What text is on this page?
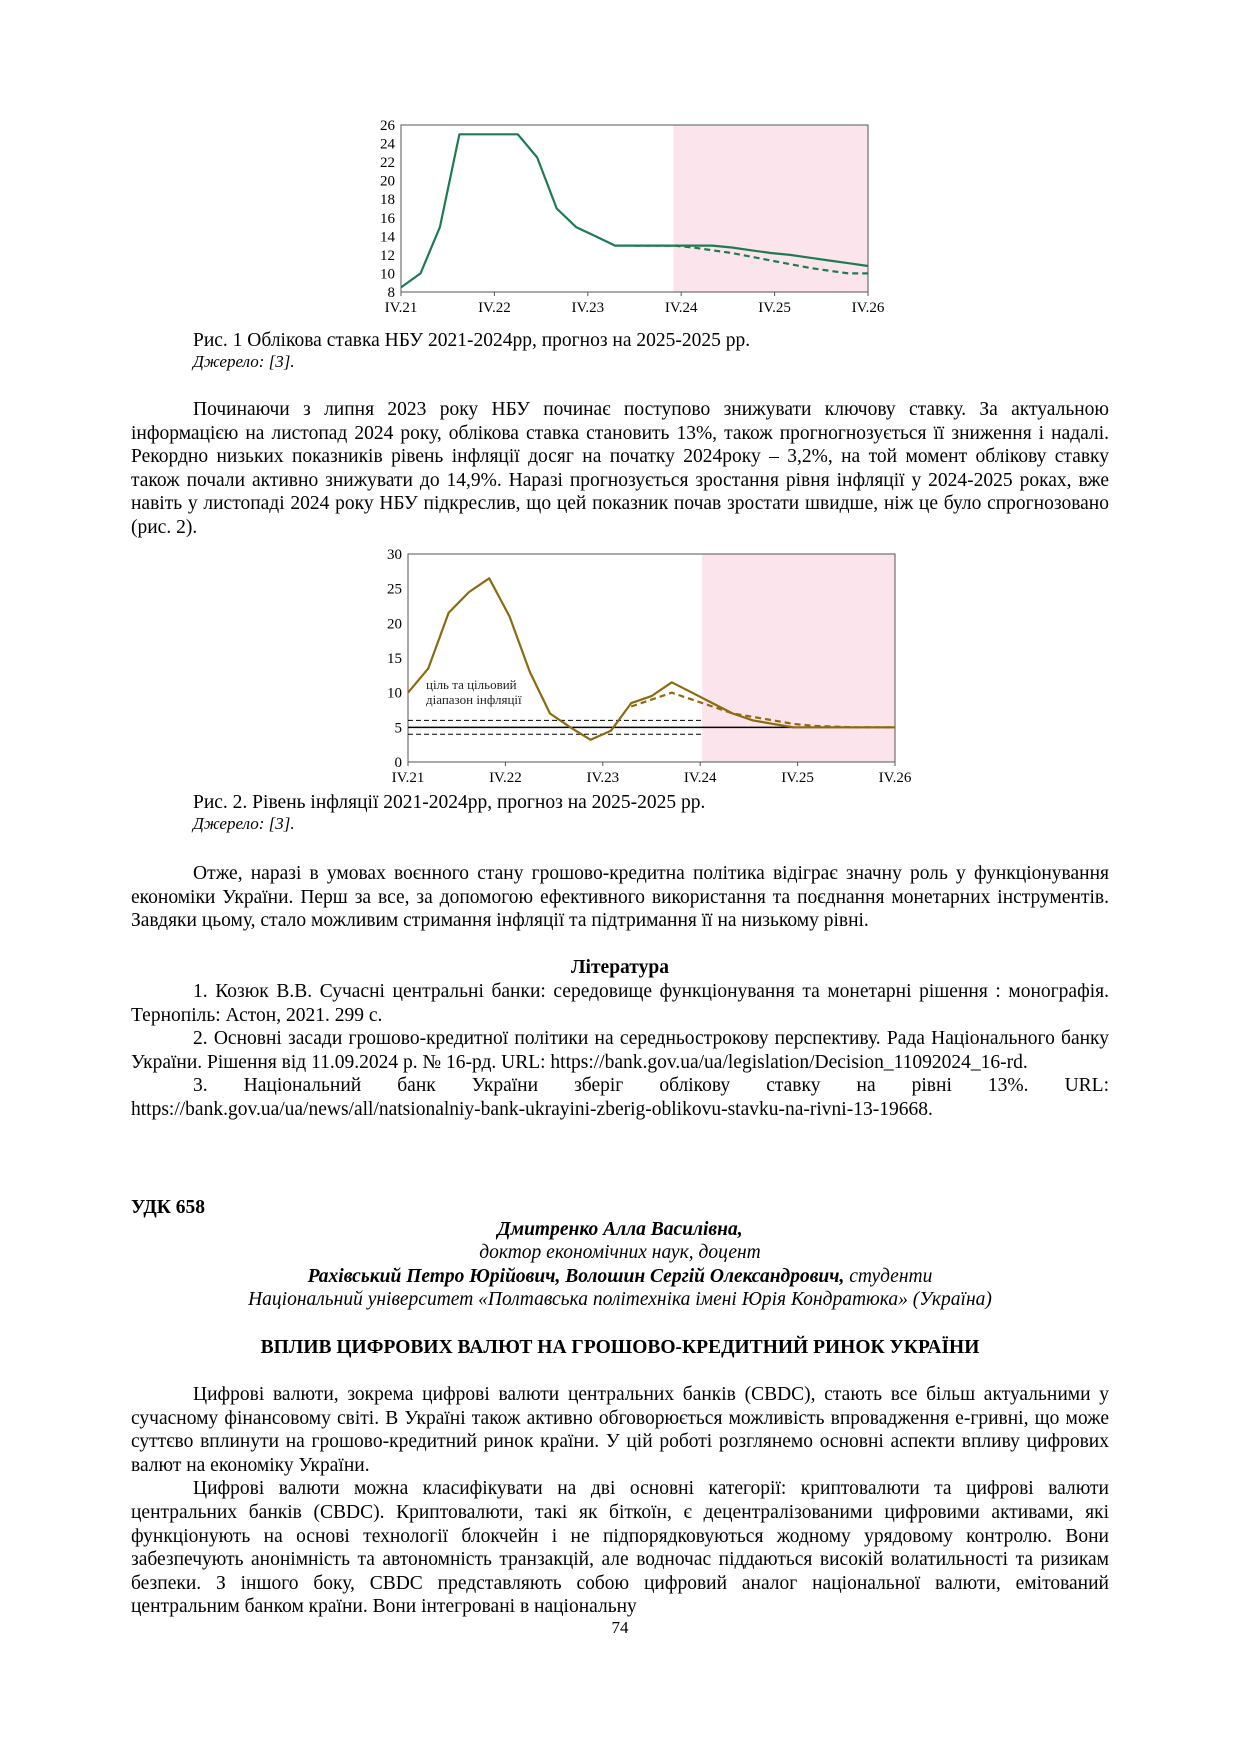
8
10
12
14
16
18
20
22
24
26
IV.21	IV.22	IV.23	IV.24	IV.25	IV.26
Рис. 1 Облікова ставка НБУ 2021-2024рр, прогноз на 2025-2025 рр.
Джерело: [3].

Починаючи з липня 2023 року НБУ починає поступово знижувати ключову ставку. За актуальною інформацією на листопад 2024 року, облікова ставка становить 13%, також прогногнозується її зниження і надалі. Рекордно низьких показників рівень інфляції досяг на початку 2024року – 3,2%, на той момент облікову ставку також почали активно знижувати до 14,9%. Наразі прогнозується зростання рівня інфляції у 2024-2025 роках, вже навіть у листопаді 2024 року НБУ підкреслив, що цей показник почав зростати швидше, ніж це було спрогнозовано (рис. 2).

ціль та цільовий
діапазон інфляції
0
5
10
15
20
25
30
IV.21	IV.22	IV.23	IV.24	IV.25	IV.26
Рис. 2. Рівень інфляції 2021-2024рр, прогноз на 2025-2025 рр.
Джерело: [3].

Отже, наразі в умовах воєнного стану грошово-кредитна політика відіграє значну роль у функціонування економіки України. Перш за все, за допомогою ефективного використання та поєднання монетарних інструментів. Завдяки цьому, стало можливим стримання інфляції та підтримання її на низькому рівні.

Література

1. Козюк В.В. Сучасні центральні банки: середовище функціонування та монетарні рішення : монографія. Тернопіль: Астон, 2021. 299 с.

2. Основні засади грошово-кредитної політики на середньострокову перспективу. Рада Національного банку України. Рішення від 11.09.2024 р. № 16-рд. URL: https://bank.gov.ua/ua/legislation/Decision_11092024_16-rd.

3. Національний банк України зберіг облікову ставку на рівні 13%. URL: https://bank.gov.ua/ua/news/all/natsionalniy-bank-ukrayini-zberig-oblikovu-stavku-na-rivni-13-19668.

УДК 658
Дмитренко Алла Василівна,
доктор економічних наук, доцент
Рахівський Петро Юрійович, Волошин Сергій Олександрович, студенти
Національний університет «Полтавська політехніка імені Юрія Кондратюка» (Україна)
ВПЛИВ ЦИФРОВИХ ВАЛЮТ НА ГРОШОВО-КРЕДИТНИЙ РИНОК УКРАЇНИ

Цифрові валюти, зокрема цифрові валюти центральних банків (CBDC), стають все більш актуальними у сучасному фінансовому світі. В Україні також активно обговорюється можливість впровадження е-гривні, що може суттєво вплинути на грошово-кредитний ринок країни. У цій роботі розглянемо основні аспекти впливу цифрових валют на економіку України.

Цифрові валюти можна класифікувати на дві основні категорії: криптовалюти та цифрові валюти центральних банків (CBDC). Криптовалюти, такі як біткоїн, є децентралізованими цифровими активами, які функціонують на основі технології блокчейн і не підпорядковуються жодному урядовому контролю. Вони забезпечують анонімність та автономність транзакцій, але водночас піддаються високій волатильності та ризикам безпеки. З іншого боку, CBDC представляють собою цифровий аналог національної валюти, емітований центральним банком країни. Вони інтегровані в національну

74
